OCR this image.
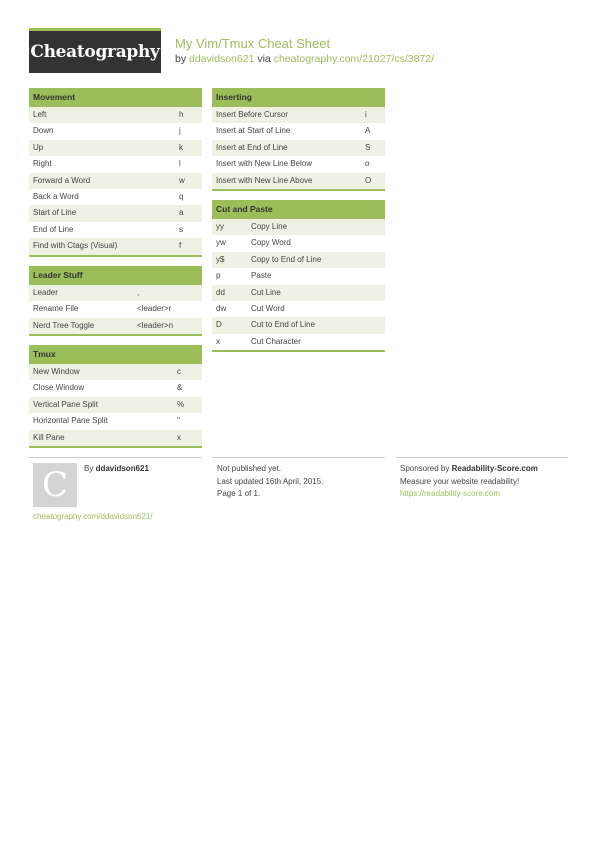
Cheatography My Vim/Tmux Cheat Sheet
by ddavidson621 via cheatography.com/21027/cs/3872/
Movement
Left	h
Down	j
Up	k
Right	l
Forward a Word	w
Back a Word	q
Start of Line	a
End of Line	s
Find with Ctags (Visual)	f
Leader Stuff
Leader	,
Rename File	<leader>r
Nerd Tree Toggle	<leader>n
Tmux
New Window	c
Close Window	&
Vertical Pane Split	%
Horizontal Pane Split	"
Kill Pane	x
Inserting
Insert Before Cursor	i
Insert at Start of Line	A
Insert at End of Line	S
Insert with New Line Below	o
Insert with New Line Above	O
Cut and Paste
yy	Copy Line
yw	Copy Word
y$	Copy to End of Line
p	Paste
dd	Cut Line
dw	Cut Word
D	Cut to End of Line
x	Cut Character
C	By ddavidson621
cheatography.com/ddavidson621/
Not published yet.
Last updated 16th April, 2015.
Page 1 of 1.
Sponsored by Readability-Score.com
Measure your website readability!
https://readability-score.com
